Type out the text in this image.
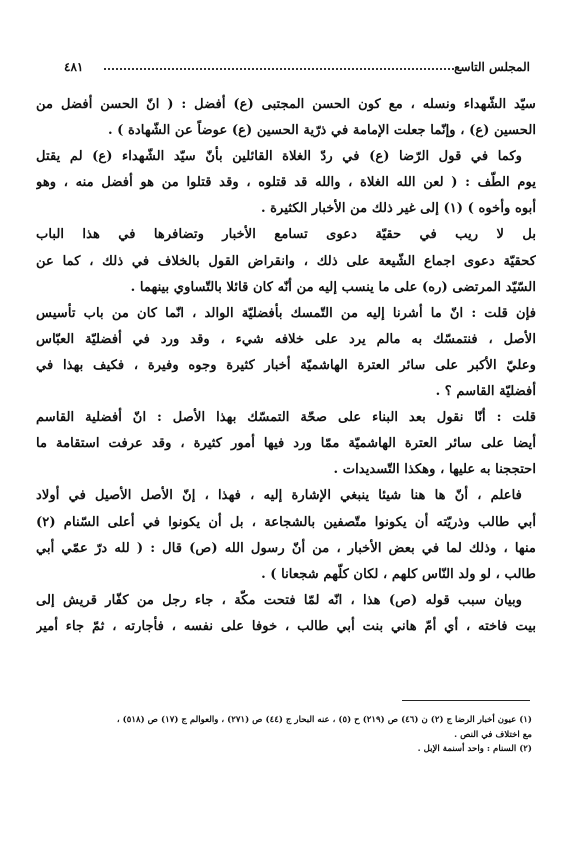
المجلس التاسع
٤٨١
سيّد الشّهداء ونسله ، مع كون الحسن المجتبى (ع) أفضل : ( انّ الحسن أفضل من
الحسين (ع) ، وإنّما جعلت الإمامة في ذرّية الحسين (ع) عوضاً عن الشّهادة ) .
وكما في قول الرّضا (ع) في ردّ الغلاة القائلين بأنّ سيّد الشّهداء (ع) لم يقتل
يوم الطّف : ( لعن الله الغلاة ، والله قد قتلوه ، وقد قتلوا من هو أفضل منه ، وهو
أبوه وأخوه ) (١) إلى غير ذلك من الأخبار الكثيرة .
بل لا ريب في حقيّة دعوى تسامع الأخبار وتضافرها في هذا الباب
كحقيّة دعوى اجماع الشّيعة على ذلك ، وانقراض القول بالخلاف في ذلك ، كما عن
السّيّد المرتضى (ره) على ما ينسب إليه من أنّه كان قائلا بالتّساوي بينهما .
فإن قلت : انّ ما أشرنا إليه من التّمسك بأفضليّة الوالد ، انّما كان من باب تأسيس
الأصل ، فنتمسّك به مالم يرد على خلافه شيء ، وقد ورد في أفضليّة العبّاس
وعليّ الأكبر على سائر العترة الهاشميّة أخبار كثيرة وجوه وفيرة ، فكيف بهذا في
أفضليّة القاسم ؟ .
قلت : أنّا نقول بعد البناء على صحّة التمسّك بهذا الأصل : انّ أفضلية القاسم
أيضا على سائر العترة الهاشميّة ممّا ورد فيها أمور كثيرة ، وقد عرفت استقامة ما
احتججنا به عليها ، وهكذا التّسديدات .
فاعلم ، أنّ ها هنا شيئا ينبغي الإشارة إليه ، فهذا ، إنّ الأصل الأصيل في أولاد
أبي طالب وذريّته أن يكونوا متّصفين بالشجاعة ، بل أن يكونوا في أعلى السّنام (٢)
منها ، وذلك لما في بعض الأخبار ، من أنّ رسول الله (ص) قال : ( لله درّ عمّي أبي
طالب ، لو ولد النّاس كلهم ، لكان كلّهم شجعانا ) .
وبيان سبب قوله (ص) هذا ، انّه لمّا فتحت مكّة ، جاء رجل من كفّار قريش إلى
بيت فاخته ، أي أمّ هاني بنت أبي طالب ، خوفا على نفسه ، فأجارته ، ثمّ جاء أمير
(١) عيون أخبار الرضا ج (٢) ن (٤٦) ص (٢١٩) ح (٥) ، عنه البحار ج (٤٤) ص (٢٧١) ، والعوالم ج (١٧) ص (٥١٨) ،
مع اختلاف في النص .
(٢) السنام : واحد أسنمة الإبل .
